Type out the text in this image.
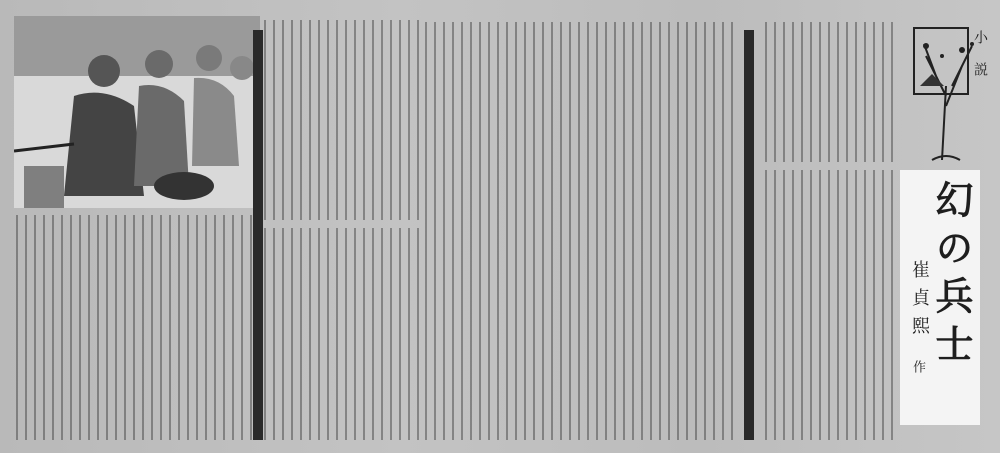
小説
幻の兵士
崔貞熙
作
